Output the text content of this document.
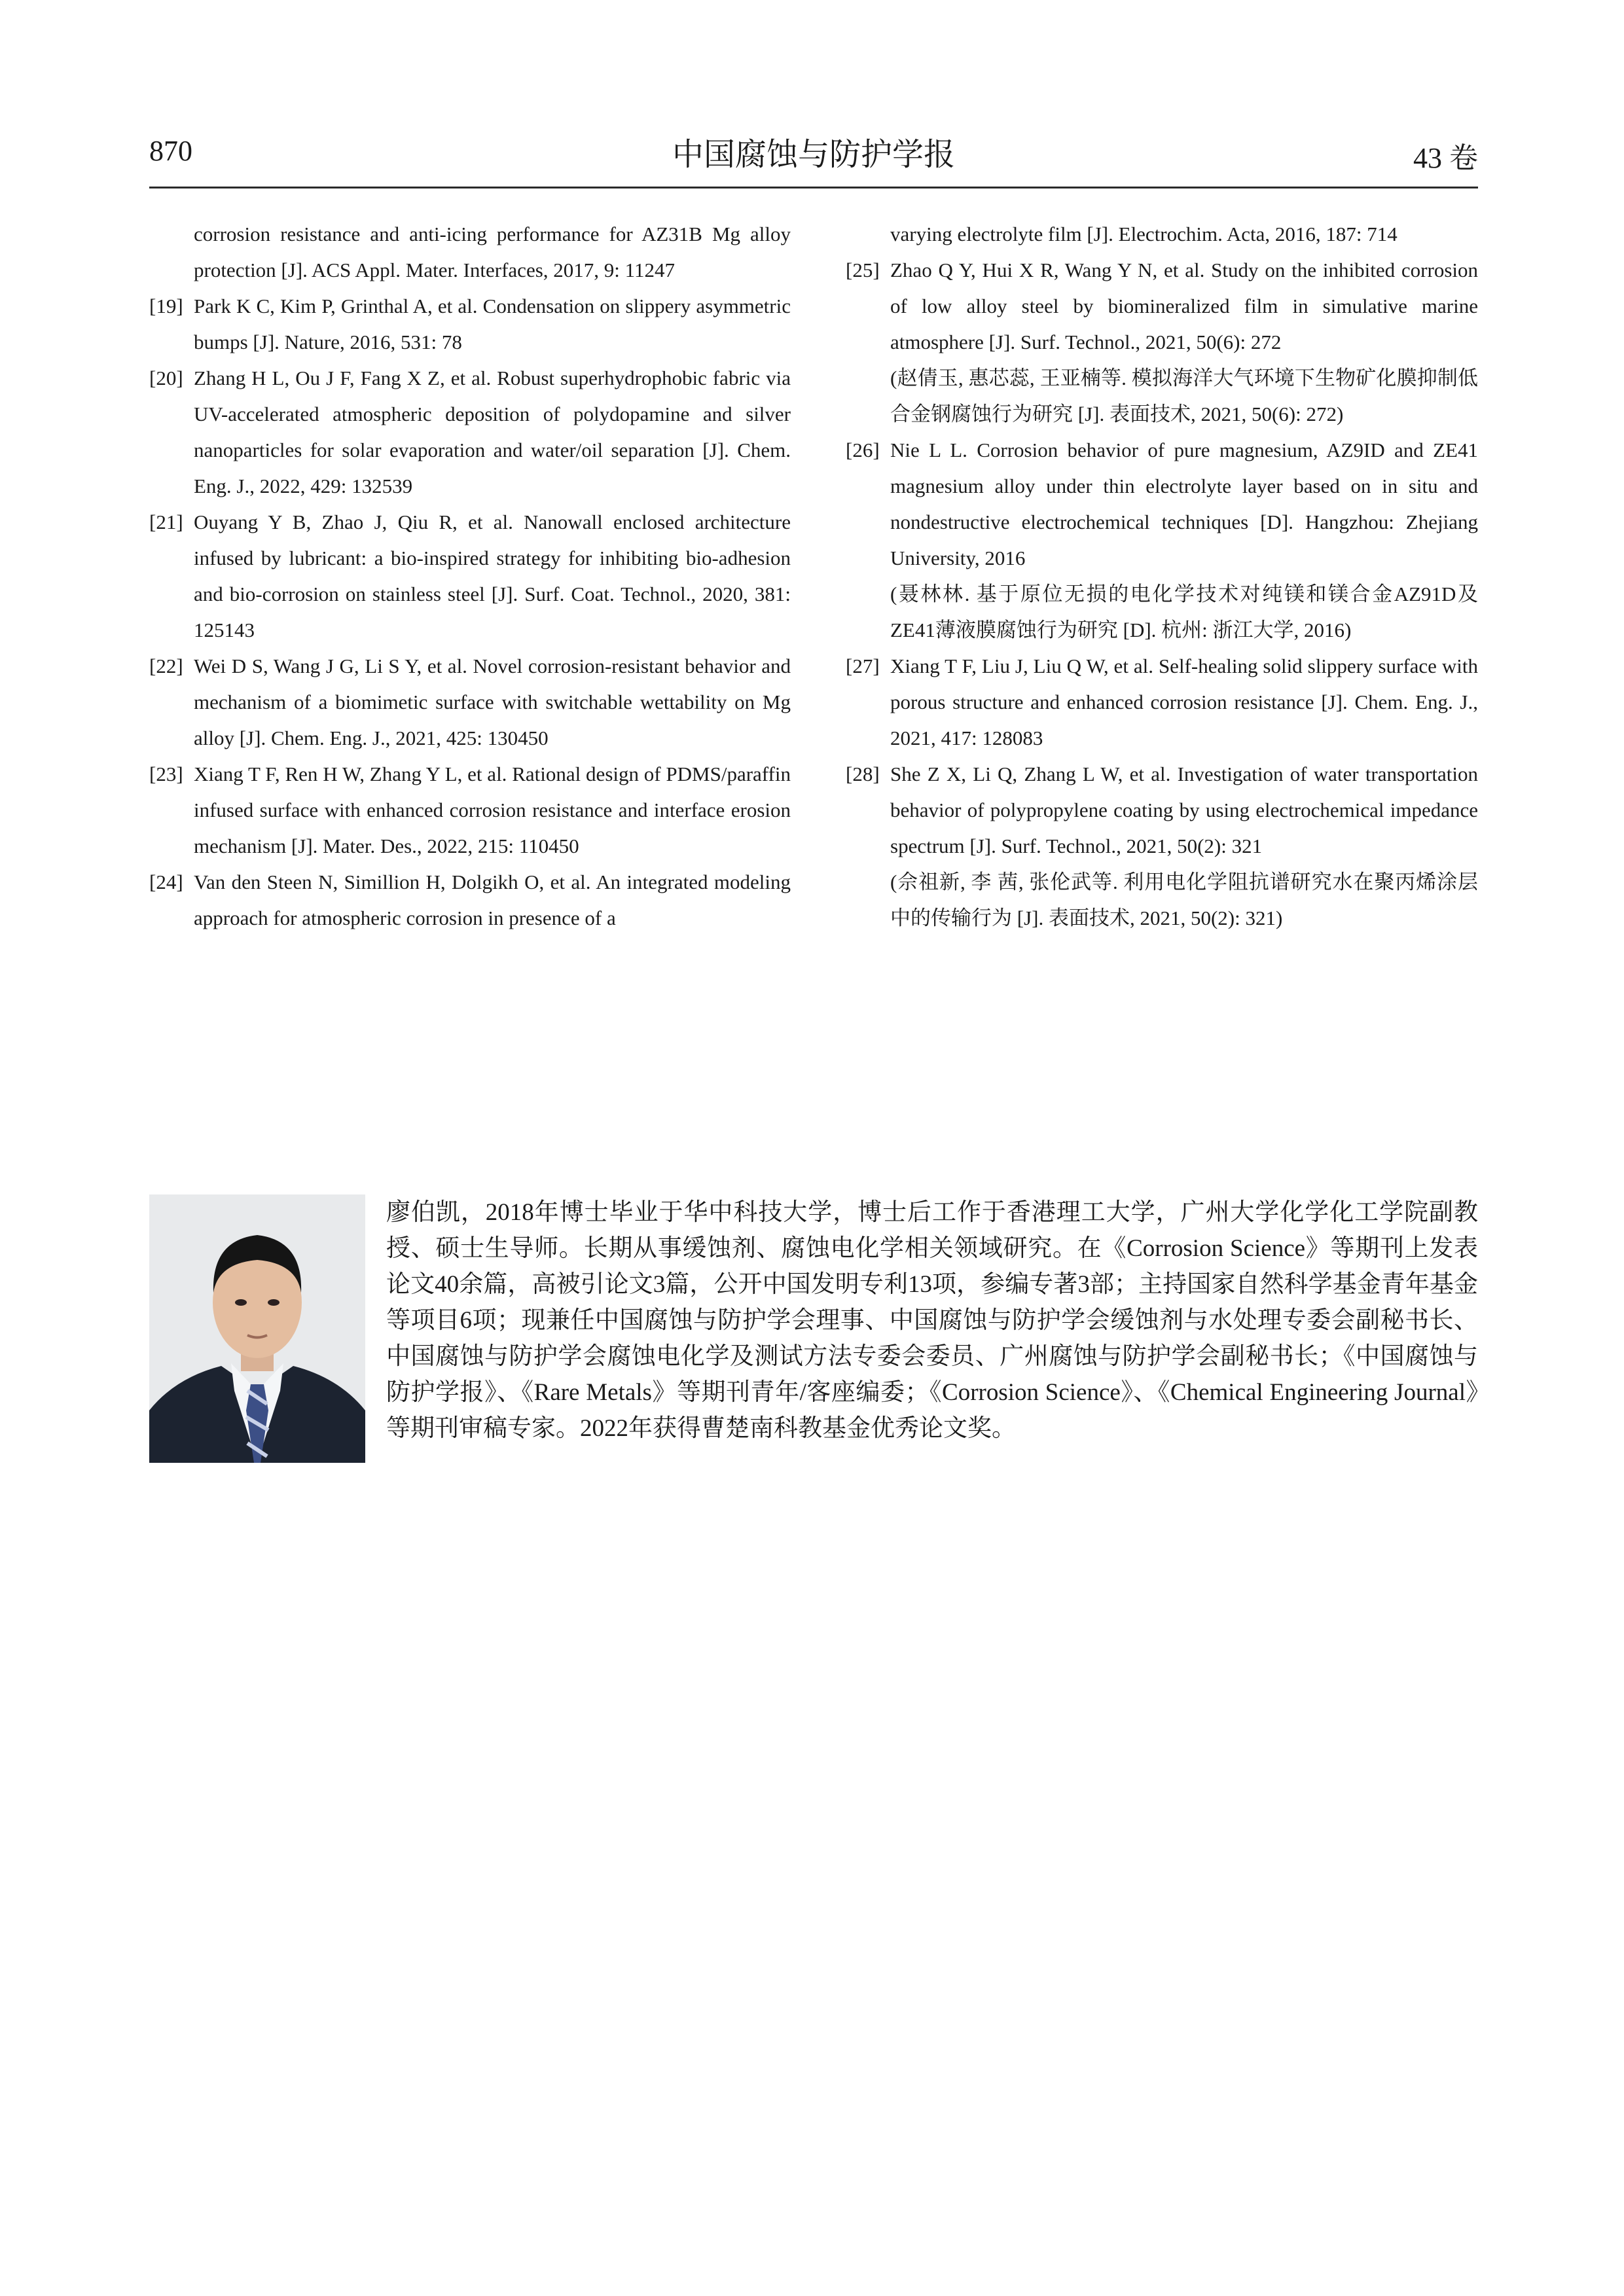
870	中国腐蚀与防护学报	43 卷
corrosion resistance and anti-icing performance for AZ31B Mg alloy protection [J]. ACS Appl. Mater. Interfaces, 2017, 9: 11247
[19] Park K C, Kim P, Grinthal A, et al. Condensation on slippery asymmetric bumps [J]. Nature, 2016, 531: 78
[20] Zhang H L, Ou J F, Fang X Z, et al. Robust superhydrophobic fabric via UV-accelerated atmospheric deposition of polydopamine and silver nanoparticles for solar evaporation and water/oil separation [J]. Chem. Eng. J., 2022, 429: 132539
[21] Ouyang Y B, Zhao J, Qiu R, et al. Nanowall enclosed architecture infused by lubricant: a bio-inspired strategy for inhibiting bio-adhesion and bio-corrosion on stainless steel [J]. Surf. Coat. Technol., 2020, 381: 125143
[22] Wei D S, Wang J G, Li S Y, et al. Novel corrosion-resistant behavior and mechanism of a biomimetic surface with switchable wettability on Mg alloy [J]. Chem. Eng. J., 2021, 425: 130450
[23] Xiang T F, Ren H W, Zhang Y L, et al. Rational design of PDMS/paraffin infused surface with enhanced corrosion resistance and interface erosion mechanism [J]. Mater. Des., 2022, 215: 110450
[24] Van den Steen N, Simillion H, Dolgikh O, et al. An integrated modeling approach for atmospheric corrosion in presence of a
varying electrolyte film [J]. Electrochim. Acta, 2016, 187: 714
[25] Zhao Q Y, Hui X R, Wang Y N, et al. Study on the inhibited corrosion of low alloy steel by biomineralized film in simulative marine atmosphere [J]. Surf. Technol., 2021, 50(6): 272
(赵倩玉, 惠芯蕊, 王亚楠等. 模拟海洋大气环境下生物矿化膜抑制低合金钢腐蚀行为研究 [J]. 表面技术, 2021, 50(6): 272)
[26] Nie L L. Corrosion behavior of pure magnesium, AZ9ID and ZE41 magnesium alloy under thin electrolyte layer based on in situ and nondestructive electrochemical techniques [D]. Hangzhou: Zhejiang University, 2016
(聂林林. 基于原位无损的电化学技术对纯镁和镁合金AZ91D及ZE41薄液膜腐蚀行为研究 [D]. 杭州: 浙江大学, 2016)
[27] Xiang T F, Liu J, Liu Q W, et al. Self-healing solid slippery surface with porous structure and enhanced corrosion resistance [J]. Chem. Eng. J., 2021, 417: 128083
[28] She Z X, Li Q, Zhang L W, et al. Investigation of water transportation behavior of polypropylene coating by using electrochemical impedance spectrum [J]. Surf. Technol., 2021, 50(2): 321
(佘祖新, 李 茜, 张伦武等. 利用电化学阻抗谱研究水在聚丙烯涂层中的传输行为 [J]. 表面技术, 2021, 50(2): 321)
廖伯凯，2018年博士毕业于华中科技大学，博士后工作于香港理工大学，广州大学化学化工学院副教授、硕士生导师。长期从事缓蚀剂、腐蚀电化学相关领域研究。在《Corrosion Science》等期刊上发表论文40余篇，高被引论文3篇，公开中国发明专利13项，参编专著3部；主持国家自然科学基金青年基金等项目6项；现兼任中国腐蚀与防护学会理事、中国腐蚀与防护学会缓蚀剂与水处理专委会副秘书长、中国腐蚀与防护学会腐蚀电化学及测试方法专委会委员、广州腐蚀与防护学会副秘书长；《中国腐蚀与防护学报》、《Rare Metals》等期刊青年/客座编委；《Corrosion Science》、《Chemical Engineering Journal》等期刊审稿专家。2022年获得曹楚南科教基金优秀论文奖。
